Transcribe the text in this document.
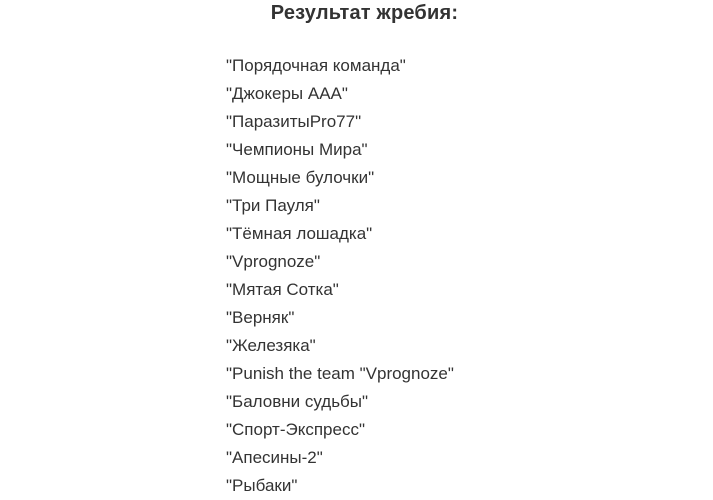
Результат жребия:
"Порядочная команда"
"Джокеры ААА"
"ПаразитыPro77"
"Чемпионы Мира"
"Мощные булочки"
"Три Пауля"
"Тёмная лошадка"
"Vprognoze"
"Мятая Сотка"
"Верняк"
"Железяка"
"Punish the team "Vprognoze"
"Баловни судьбы"
"Спорт-Экспресс"
"Апесины-2"
"Рыбаки"
